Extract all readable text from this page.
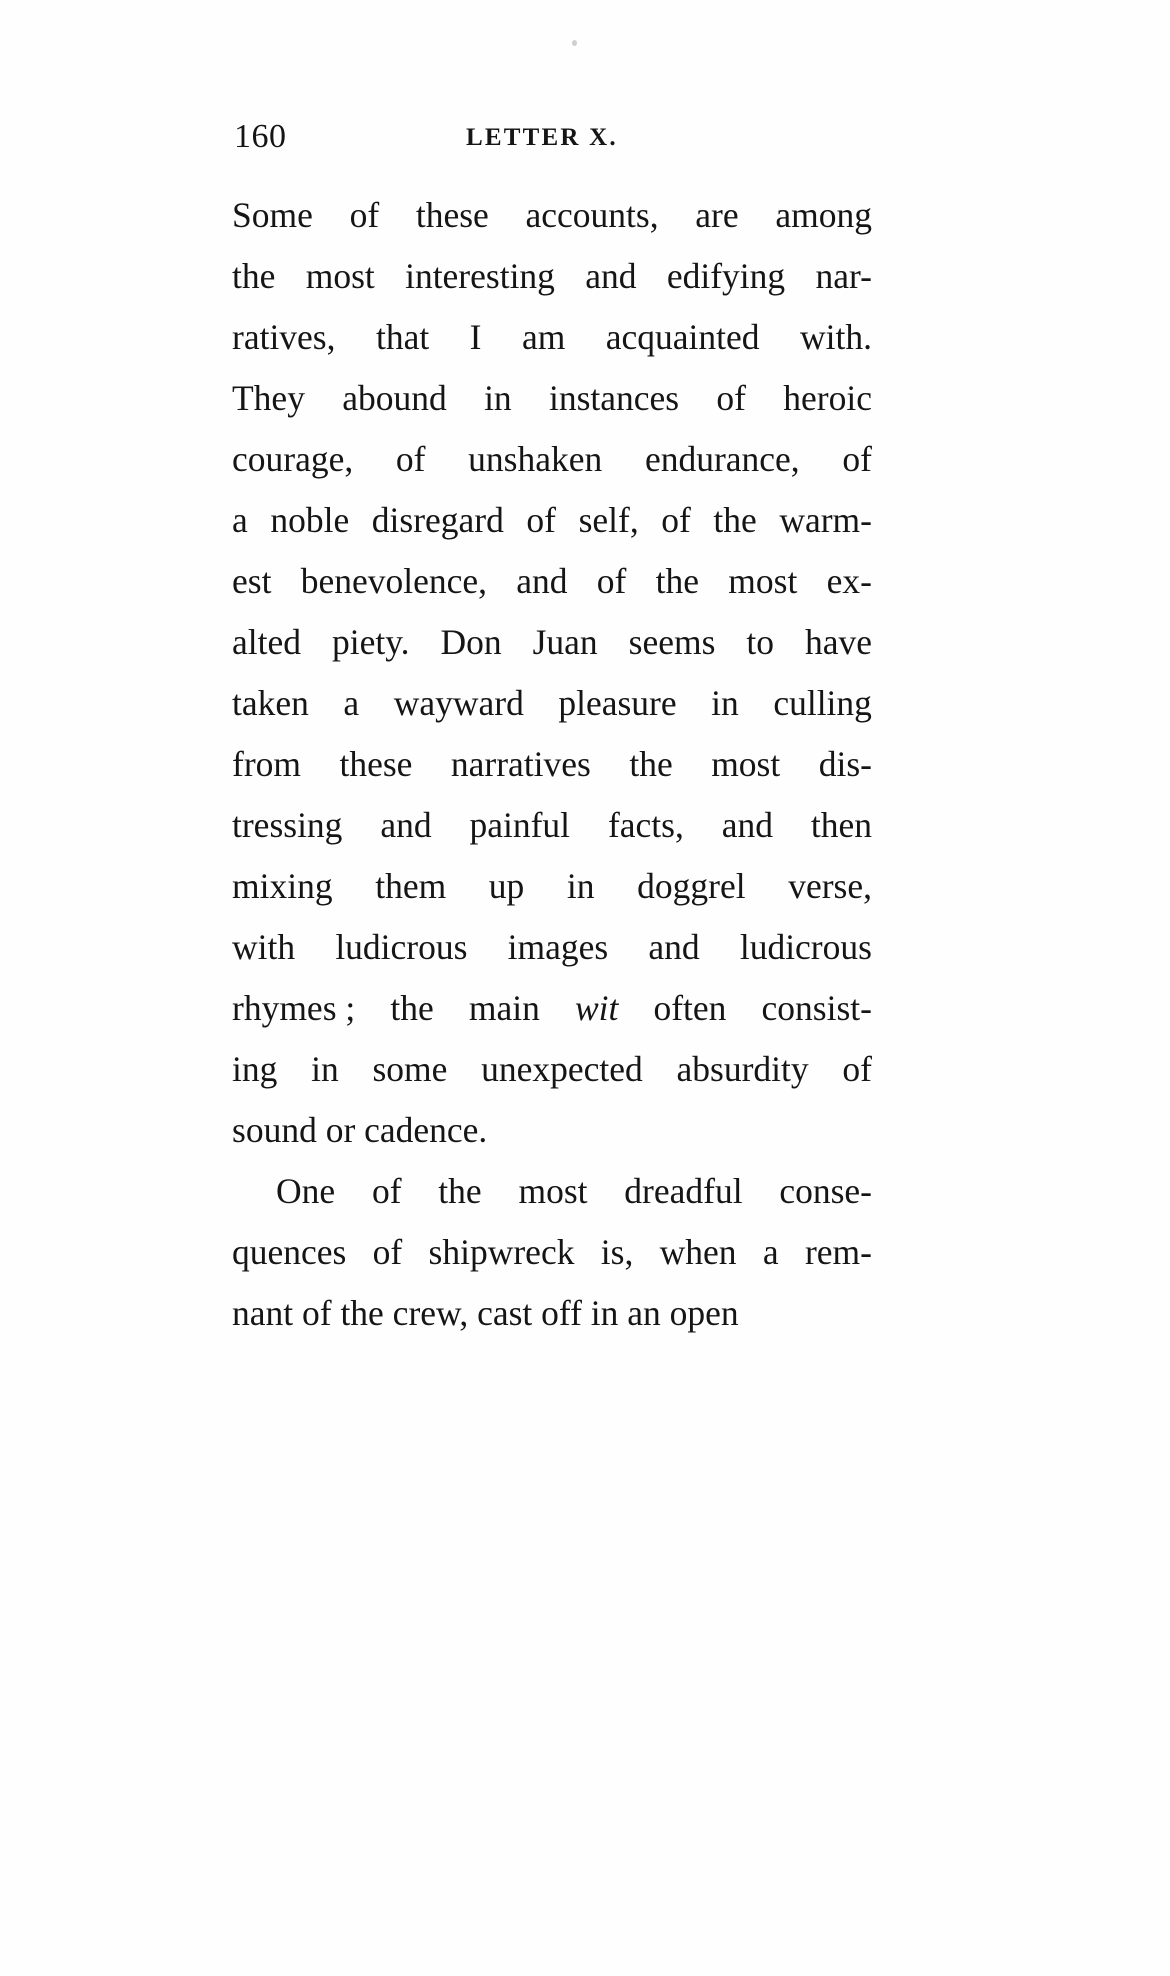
160	LETTER X.
Some of these accounts, are among
the most interesting and edifying nar-
ratives, that I am acquainted with.
They abound in instances of heroic
courage, of unshaken endurance, of
a noble disregard of self, of the warm-
est benevolence, and of the most ex-
alted piety. Don Juan seems to have
taken a wayward pleasure in culling
from these narratives the most dis-
tressing and painful facts, and then
mixing them up in doggrel verse,
with ludicrous images and ludicrous
rhymes ; the main wit often consist-
ing in some unexpected absurdity of
sound or cadence.
One of the most dreadful conse-
quences of shipwreck is, when a rem-
nant of the crew, cast off in an open
